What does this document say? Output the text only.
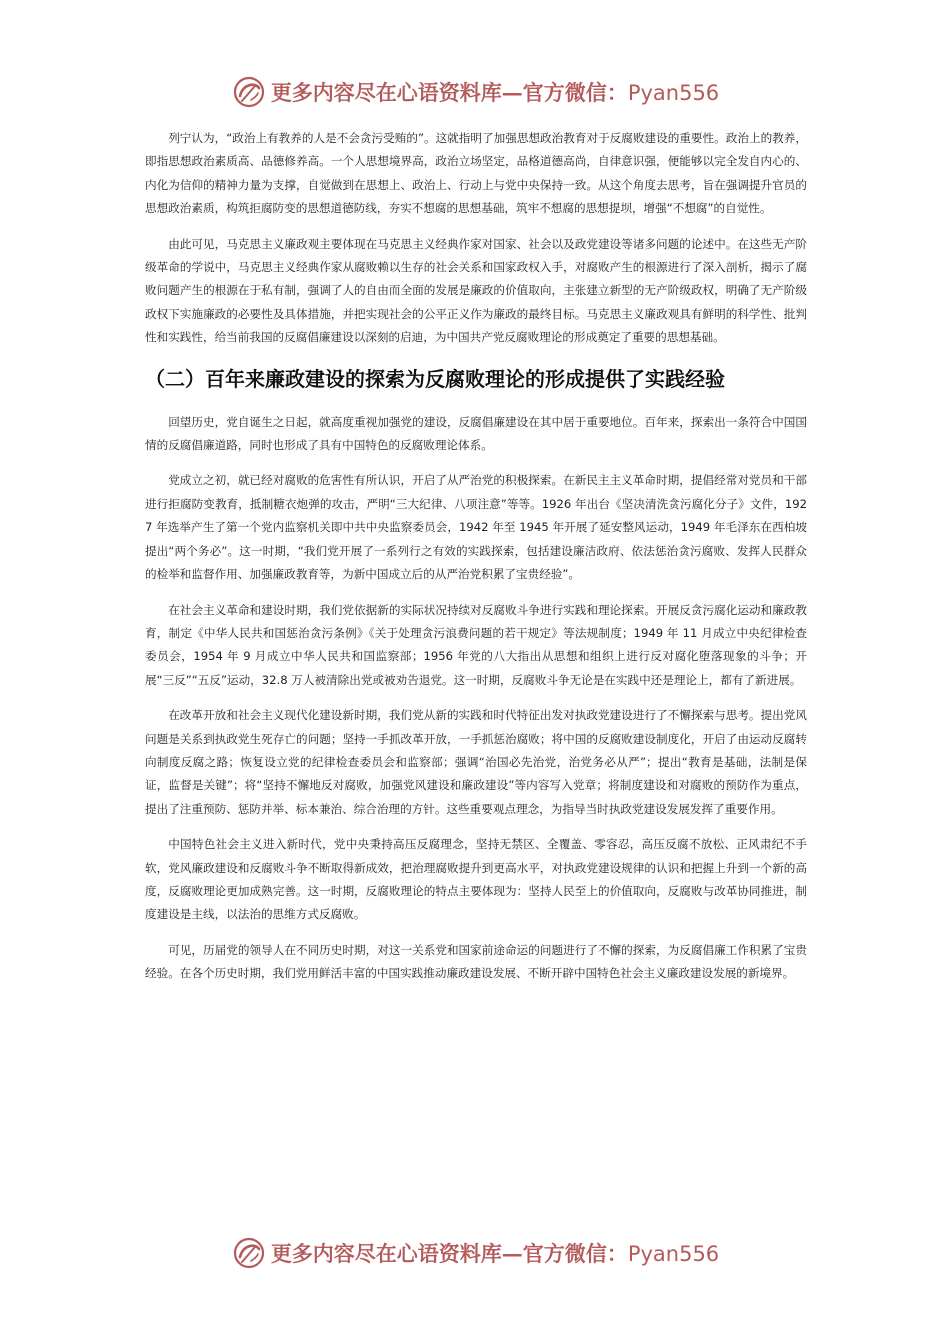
更多内容尽在心语资料库—官方微信：Pyan556

列宁认为，“政治上有教养的人是不会贪污受贿的”。这就指明了加强思想政治教育对于反腐败建设的重要性。政治上的教养，即指思想政治素质高、品德修养高。一个人思想境界高，政治立场坚定，品格道德高尚，自律意识强，便能够以完全发自内心的、内化为信仰的精神力量为支撑，自觉做到在思想上、政治上、行动上与党中央保持一致。从这个角度去思考，旨在强调提升官员的思想政治素质，构筑拒腐防变的思想道德防线，夯实不想腐的思想基础，筑牢不想腐的思想提坝，增强“不想腐”的自觉性。

由此可见，马克思主义廉政观主要体现在马克思主义经典作家对国家、社会以及政党建设等诸多问题的论述中。在这些无产阶级革命的学说中，马克思主义经典作家从腐败赖以生存的社会关系和国家政权入手，对腐败产生的根源进行了深入剖析，揭示了腐败问题产生的根源在于私有制，强调了人的自由而全面的发展是廉政的价值取向，主张建立新型的无产阶级政权，明确了无产阶级政权下实施廉政的必要性及具体措施，并把实现社会的公平正义作为廉政的最终目标。马克思主义廉政观具有鲜明的科学性、批判性和实践性，给当前我国的反腐倡廉建设以深刻的启迪，为中国共产党反腐败理论的形成奠定了重要的思想基础。

（二）百年来廉政建设的探索为反腐败理论的形成提供了实践经验

回望历史，党自诞生之日起，就高度重视加强党的建设，反腐倡廉建设在其中居于重要地位。百年来，探索出一条符合中国国情的反腐倡廉道路，同时也形成了具有中国特色的反腐败理论体系。

党成立之初，就已经对腐败的危害性有所认识，开启了从严治党的积极探索。在新民主主义革命时期，提倡经常对党员和干部进行拒腐防变教育，抵制糖衣炮弹的攻击，严明“三大纪律、八项注意”等等。1926 年出台《坚决清洗贪污腐化分子》文件，1927 年选举产生了第一个党内监察机关即中共中央监察委员会，1942 年至 1945 年开展了延安整风运动，1949 年毛泽东在西柏坡提出“两个务必”。这一时期，“我们党开展了一系列行之有效的实践探索，包括建设廉洁政府、依法惩治贪污腐败、发挥人民群众的检举和监督作用、加强廉政教育等，为新中国成立后的从严治党积累了宝贵经验”。

在社会主义革命和建设时期，我们党依据新的实际状况持续对反腐败斗争进行实践和理论探索。开展反贪污腐化运动和廉政教育，制定《中华人民共和国惩治贪污条例》《关于处理贪污浪费问题的若干规定》等法规制度；1949 年 11 月成立中央纪律检查委员会，1954 年 9 月成立中华人民共和国监察部；1956 年党的八大指出从思想和组织上进行反对腐化堕落现象的斗争；开展“三反”“五反”运动，32.8 万人被清除出党或被劝告退党。这一时期，反腐败斗争无论是在实践中还是理论上，都有了新进展。

在改革开放和社会主义现代化建设新时期，我们党从新的实践和时代特征出发对执政党建设进行了不懈探索与思考。提出党风问题是关系到执政党生死存亡的问题；坚持一手抓改革开放，一手抓惩治腐败；将中国的反腐败建设制度化，开启了由运动反腐转向制度反腐之路；恢复设立党的纪律检查委员会和监察部；强调“治国必先治党，治党务必从严”；提出“教育是基础，法制是保证，监督是关键”；将“坚持不懈地反对腐败，加强党风建设和廉政建设”等内容写入党章；将制度建设和对腐败的预防作为重点，提出了注重预防、惩防并举、标本兼治、综合治理的方针。这些重要观点理念，为指导当时执政党建设发展发挥了重要作用。

中国特色社会主义进入新时代，党中央秉持高压反腐理念，坚持无禁区、全覆盖、零容忍，高压反腐不放松、正风肃纪不手软，党风廉政建设和反腐败斗争不断取得新成效，把治理腐败提升到更高水平，对执政党建设规律的认识和把握上升到一个新的高度，反腐败理论更加成熟完善。这一时期，反腐败理论的特点主要体现为：坚持人民至上的价值取向，反腐败与改革协同推进，制度建设是主线，以法治的思维方式反腐败。

可见，历届党的领导人在不同历史时期，对这一关系党和国家前途命运的问题进行了不懈的探索，为反腐倡廉工作积累了宝贵经验。在各个历史时期，我们党用鲜活丰富的中国实践推动廉政建设发展、不断开辟中国特色社会主义廉政建设发展的新境界。

更多内容尽在心语资料库—官方微信：Pyan556
